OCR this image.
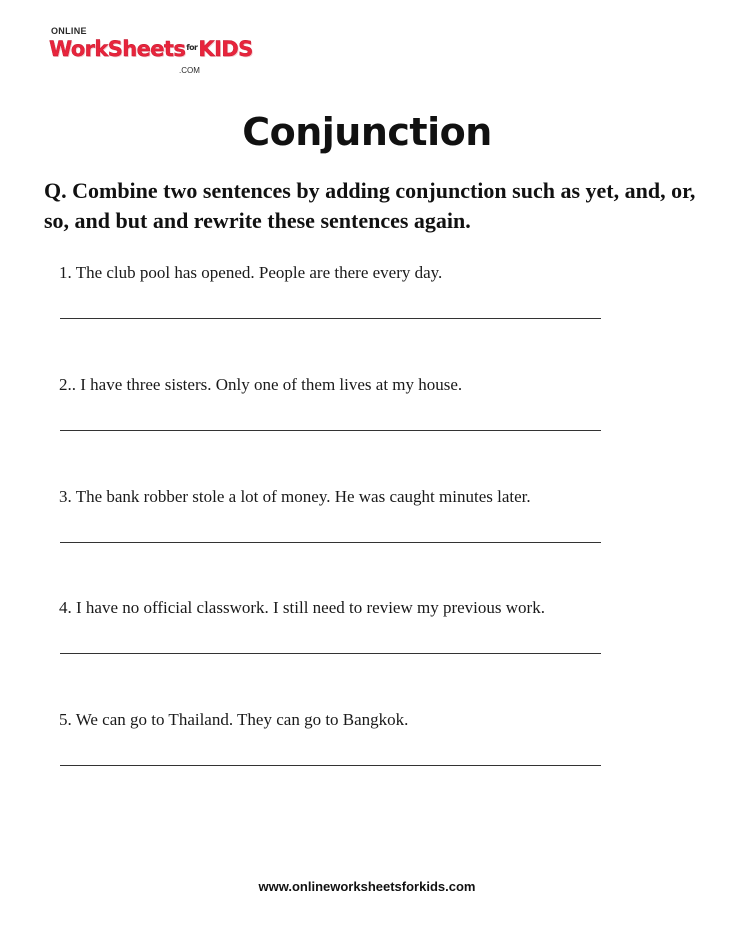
ONLINE
WorkSheets$^{for}$KIDS
.COM
Conjunction
Q. Combine two sentences by adding conjunction such as yet, and, or, so, and but and rewrite these sentences again.
1. The club pool has opened. People are there every day.
2.. I have three sisters. Only one of them lives at my house.
3. The bank robber stole a lot of money. He was caught minutes later.
4. I have no official classwork. I still need to review my previous work.
5. We can go to Thailand. They can go to Bangkok.
www.onlineworksheetsforkids.com
